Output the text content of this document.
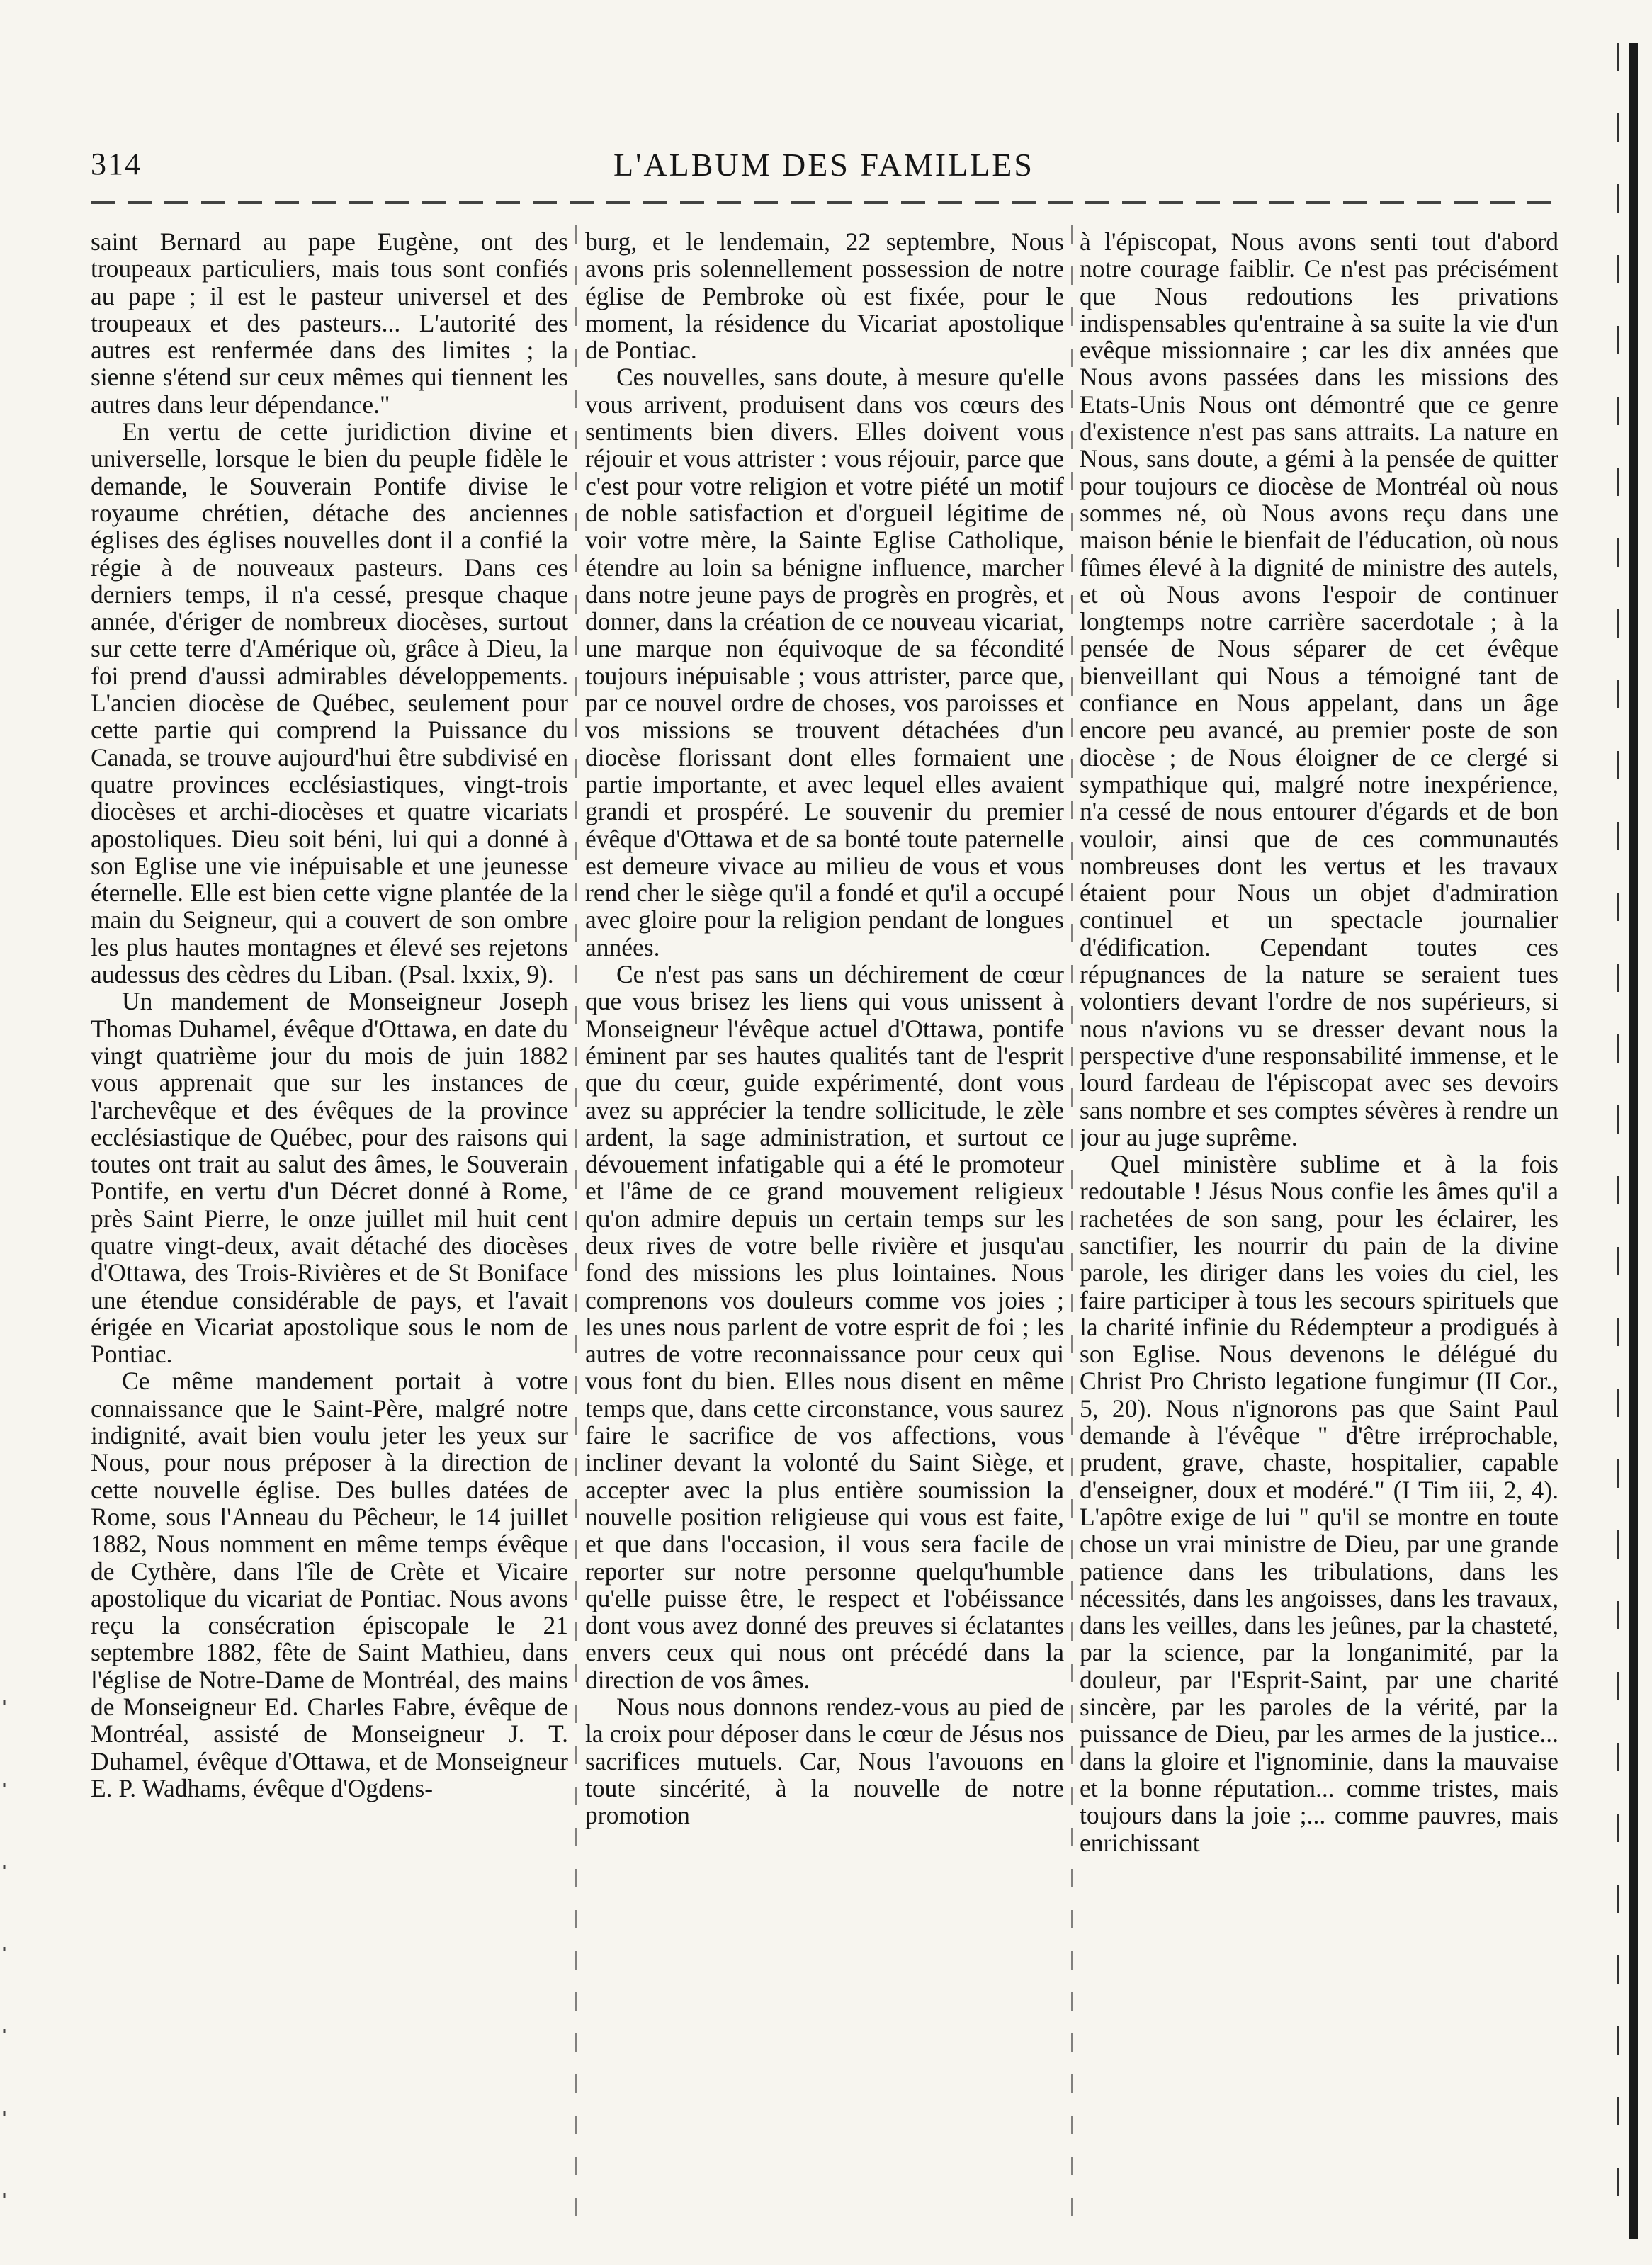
314	L'ALBUM DES FAMILLES

saint Bernard au pape Eugène, ont des troupeaux particuliers, mais tous sont confiés au pape ; il est le pasteur universel et des troupeaux et des pasteurs... L'autorité des autres est renfermée dans des limites ; la sienne s'étend sur ceux mêmes qui tiennent les autres dans leur dépendance."

En vertu de cette juridiction divine et universelle, lorsque le bien du peuple fidèle le demande, le Souverain Pontife divise le royaume chrétien, détache des anciennes églises des églises nouvelles dont il a confié la régie à de nouveaux pasteurs. Dans ces derniers temps, il n'a cessé, presque chaque année, d'ériger de nombreux diocèses, surtout sur cette terre d'Amérique où, grâce à Dieu, la foi prend d'aussi admirables développements. L'ancien diocèse de Québec, seulement pour cette partie qui comprend la Puissance du Canada, se trouve aujourd'hui être subdivisé en quatre provinces ecclésiastiques, vingt-trois diocèses et archi-diocèses et quatre vicariats apostoliques. Dieu soit béni, lui qui a donné à son Eglise une vie inépuisable et une jeunesse éternelle. Elle est bien cette vigne plantée de la main du Seigneur, qui a couvert de son ombre les plus hautes montagnes et élevé ses rejetons audessus des cèdres du Liban. (Psal. lxxix, 9).

Un mandement de Monseigneur Joseph Thomas Duhamel, évêque d'Ottawa, en date du vingt quatrième jour du mois de juin 1882 vous apprenait que sur les instances de l'archevêque et des évêques de la province ecclésiastique de Québec, pour des raisons qui toutes ont trait au salut des âmes, le Souverain Pontife, en vertu d'un Décret donné à Rome, près Saint Pierre, le onze juillet mil huit cent quatre vingt-deux, avait détaché des diocèses d'Ottawa, des Trois-Rivières et de St Boniface une étendue considérable de pays, et l'avait érigée en Vicariat apostolique sous le nom de Pontiac.

Ce même mandement portait à votre connaissance que le Saint-Père, malgré notre indignité, avait bien voulu jeter les yeux sur Nous, pour nous préposer à la direction de cette nouvelle église. Des bulles datées de Rome, sous l'Anneau du Pêcheur, le 14 juillet 1882, Nous nomment en même temps évêque de Cythère, dans l'île de Crète et Vicaire apostolique du vicariat de Pontiac. Nous avons reçu la consécration épiscopale le 21 septembre 1882, fête de Saint Mathieu, dans l'église de Notre-Dame de Montréal, des mains de Monseigneur Ed. Charles Fabre, évêque de Montréal, assisté de Monseigneur J. T. Duhamel, évêque d'Ottawa, et de Monseigneur E. P. Wadhams, évêque d'Ogdens-

burg, et le lendemain, 22 septembre, Nous avons pris solennellement possession de notre église de Pembroke où est fixée, pour le moment, la résidence du Vicariat apostolique de Pontiac.

Ces nouvelles, sans doute, à mesure qu'elle vous arrivent, produisent dans vos cœurs des sentiments bien divers. Elles doivent vous réjouir et vous attrister : vous réjouir, parce que c'est pour votre religion et votre piété un motif de noble satisfaction et d'orgueil légitime de voir votre mère, la Sainte Eglise Catholique, étendre au loin sa bénigne influence, marcher dans notre jeune pays de progrès en progrès, et donner, dans la création de ce nouveau vicariat, une marque non équivoque de sa fécondité toujours inépuisable ; vous attrister, parce que, par ce nouvel ordre de choses, vos paroisses et vos missions se trouvent détachées d'un diocèse florissant dont elles formaient une partie importante, et avec lequel elles avaient grandi et prospéré. Le souvenir du premier évêque d'Ottawa et de sa bonté toute paternelle est demeure vivace au milieu de vous et vous rend cher le siège qu'il a fondé et qu'il a occupé avec gloire pour la religion pendant de longues années.

Ce n'est pas sans un déchirement de cœur que vous brisez les liens qui vous unissent à Monseigneur l'évêque actuel d'Ottawa, pontife éminent par ses hautes qualités tant de l'esprit que du cœur, guide expérimenté, dont vous avez su apprécier la tendre sollicitude, le zèle ardent, la sage administration, et surtout ce dévouement infatigable qui a été le promoteur et l'âme de ce grand mouvement religieux qu'on admire depuis un certain temps sur les deux rives de votre belle rivière et jusqu'au fond des missions les plus lointaines. Nous comprenons vos douleurs comme vos joies ; les unes nous parlent de votre esprit de foi ; les autres de votre reconnaissance pour ceux qui vous font du bien. Elles nous disent en même temps que, dans cette circonstance, vous saurez faire le sacrifice de vos affections, vous incliner devant la volonté du Saint Siège, et accepter avec la plus entière soumission la nouvelle position religieuse qui vous est faite, et que dans l'occasion, il vous sera facile de reporter sur notre personne quelqu'humble qu'elle puisse être, le respect et l'obéissance dont vous avez donné des preuves si éclatantes envers ceux qui nous ont précédé dans la direction de vos âmes.

Nous nous donnons rendez-vous au pied de la croix pour déposer dans le cœur de Jésus nos sacrifices mutuels. Car, Nous l'avouons en toute sincérité, à la nouvelle de notre promotion

à l'épiscopat, Nous avons senti tout d'abord notre courage faiblir. Ce n'est pas précisément que Nous redoutions les privations indispensables qu'entraine à sa suite la vie d'un evêque missionnaire ; car les dix années que Nous avons passées dans les missions des Etats-Unis Nous ont démontré que ce genre d'existence n'est pas sans attraits. La nature en Nous, sans doute, a gémi à la pensée de quitter pour toujours ce diocèse de Montréal où nous sommes né, où Nous avons reçu dans une maison bénie le bienfait de l'éducation, où nous fûmes élevé à la dignité de ministre des autels, et où Nous avons l'espoir de continuer longtemps notre carrière sacerdotale ; à la pensée de Nous séparer de cet évêque bienveillant qui Nous a témoigné tant de confiance en Nous appelant, dans un âge encore peu avancé, au premier poste de son diocèse ; de Nous éloigner de ce clergé si sympathique qui, malgré notre inexpérience, n'a cessé de nous entourer d'égards et de bon vouloir, ainsi que de ces communautés nombreuses dont les vertus et les travaux étaient pour Nous un objet d'admiration continuel et un spectacle journalier d'édification. Cependant toutes ces répugnances de la nature se seraient tues volontiers devant l'ordre de nos supérieurs, si nous n'avions vu se dresser devant nous la perspective d'une responsabilité immense, et le lourd fardeau de l'épiscopat avec ses devoirs sans nombre et ses comptes sévères à rendre un jour au juge suprême.

Quel ministère sublime et à la fois redoutable ! Jésus Nous confie les âmes qu'il a rachetées de son sang, pour les éclairer, les sanctifier, les nourrir du pain de la divine parole, les diriger dans les voies du ciel, les faire participer à tous les secours spirituels que la charité infinie du Rédempteur a prodigués à son Eglise. Nous devenons le délégué du Christ Pro Christo legatione fungimur (II Cor., 5, 20). Nous n'ignorons pas que Saint Paul demande à l'évêque " d'être irréprochable, prudent, grave, chaste, hospitalier, capable d'enseigner, doux et modéré." (I Tim iii, 2, 4). L'apôtre exige de lui " qu'il se montre en toute chose un vrai ministre de Dieu, par une grande patience dans les tribulations, dans les nécessités, dans les angoisses, dans les travaux, dans les veilles, dans les jeûnes, par la chasteté, par la science, par la longanimité, par la douleur, par l'Esprit-Saint, par une charité sincère, par les paroles de la vérité, par la puissance de Dieu, par les armes de la justice... dans la gloire et l'ignominie, dans la mauvaise et la bonne réputation... comme tristes, mais toujours dans la joie ;... comme pauvres, mais enrichissant
